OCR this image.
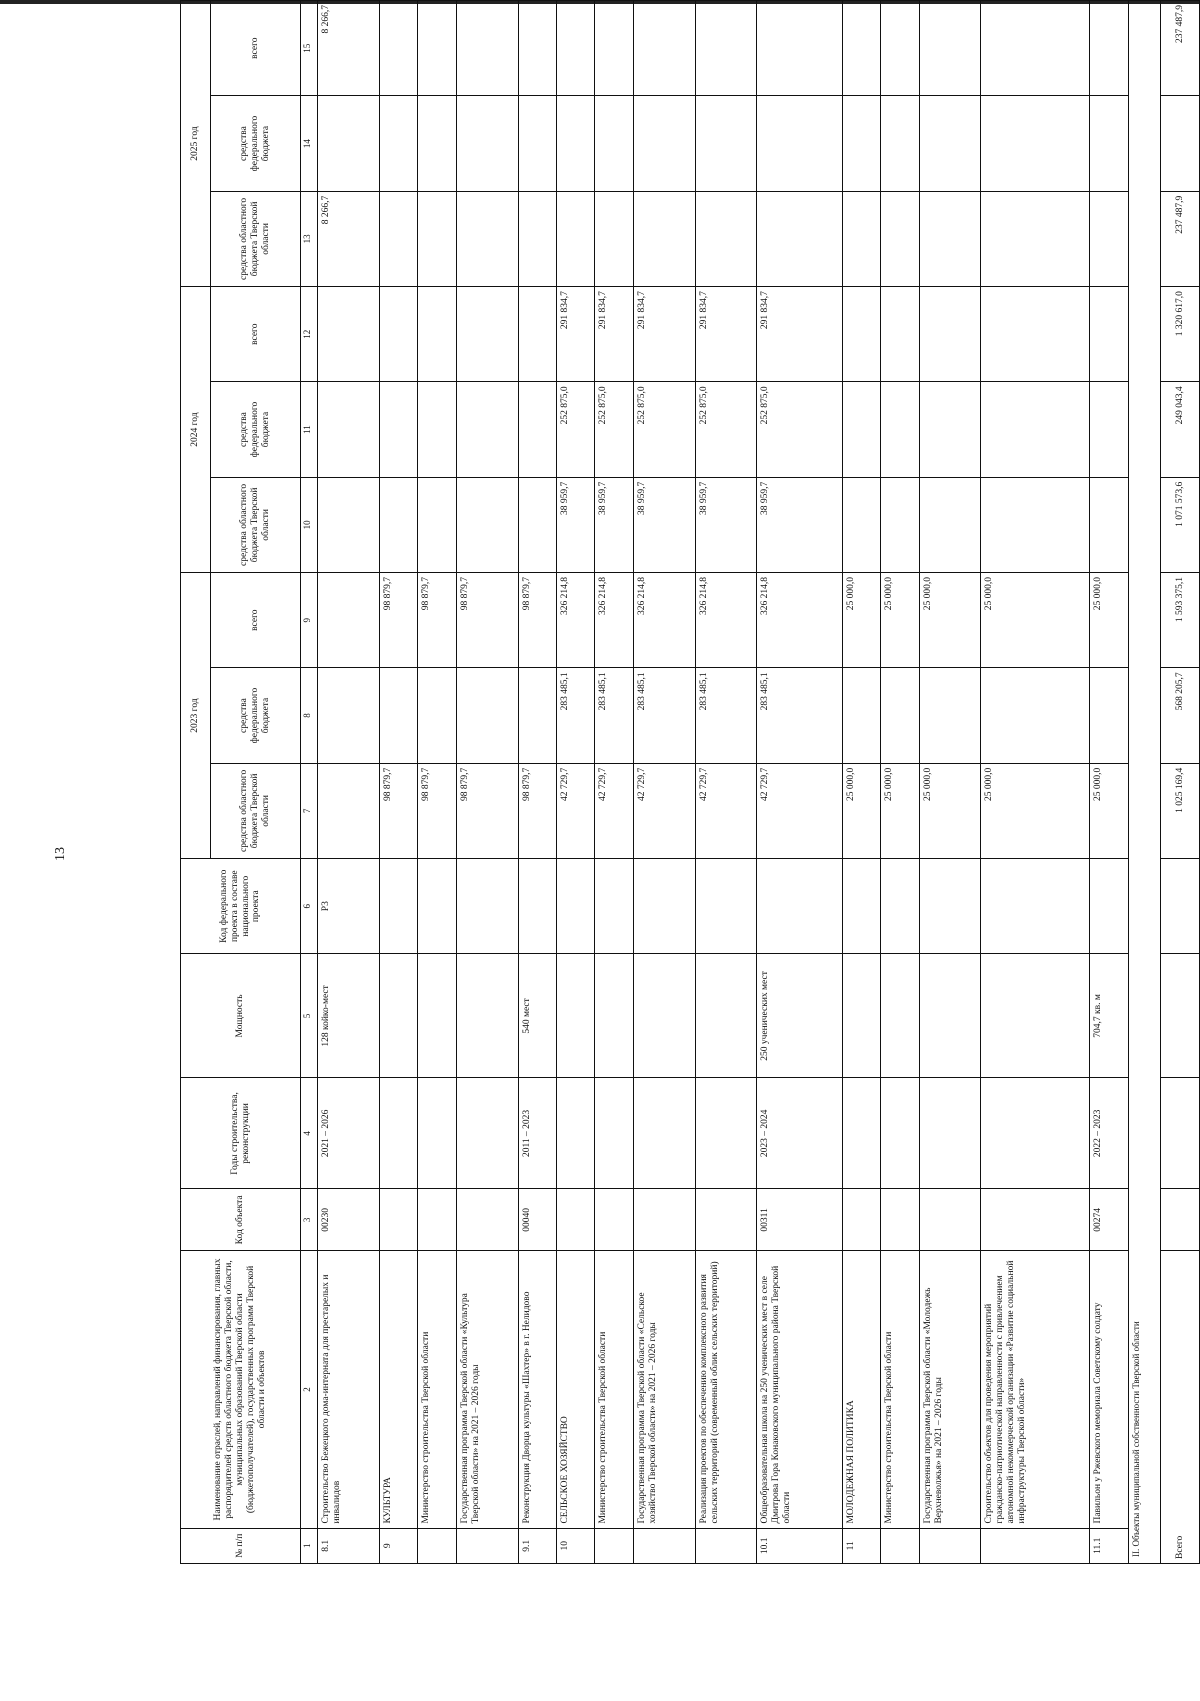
13
№ п/п	Наименование отраслей, направлений финансирования, главных распорядителей средств областного бюджета Тверской области, муниципальных образований Тверской области (бюджетополучателей), государственных программ Тверской области и объектов	Код объекта	Годы строительства, реконструкции	Мощность	Код федерального проекта в составе национального проекта	2023 год			2024 год			2025 год		
						средства областного бюджета Тверской области	средства федерального бюджета	всего	средства областного бюджета Тверской области	средства федерального бюджета	всего	средства областного бюджета Тверской области	средства федерального бюджета	всего
1	2	3	4	5	6	7	8	9	10	11	12	13	14	15
8.1	Строительство Бежецкого дома-интерната для престарелых и инвалидов	00230	2021 – 2026	128 койко-мест	Р3							8 266,7		8 266,7
9	КУЛЬТУРА					98 879,7		98 879,7						
	Министерство строительства Тверской области					98 879,7		98 879,7						
	Государственная программа Тверской области «Культура Тверской области» на 2021 – 2026 годы					98 879,7		98 879,7						
9.1	Реконструкция Дворца культуры «Шахтер» в г. Нелидово	00040	2011 – 2023	540 мест		98 879,7		98 879,7						
10	СЕЛЬСКОЕ ХОЗЯЙСТВО					42 729,7	283 485,1	326 214,8	38 959,7	252 875,0	291 834,7			
	Министерство строительства Тверской области					42 729,7	283 485,1	326 214,8	38 959,7	252 875,0	291 834,7			
	Государственная программа Тверской области «Сельское хозяйство Тверской области» на 2021 – 2026 годы					42 729,7	283 485,1	326 214,8	38 959,7	252 875,0	291 834,7			
	Реализация проектов по обеспечению комплексного развития сельских территорий (современный облик сельских территорий)					42 729,7	283 485,1	326 214,8	38 959,7	252 875,0	291 834,7			
10.1	Общеобразовательная школа на 250 ученических мест в селе Дмитрова Гора Конаковского муниципального района Тверской области	00311	2023 – 2024	250 ученических мест		42 729,7	283 485,1	326 214,8	38 959,7	252 875,0	291 834,7			
11	МОЛОДЕЖНАЯ ПОЛИТИКА					25 000,0		25 000,0						
	Министерство строительства Тверской области					25 000,0		25 000,0						
	Государственная программа Тверской области «Молодежь Верхневолжья» на 2021 – 2026 годы					25 000,0		25 000,0						
	Строительство объектов для проведения мероприятий гражданско-патриотической направленности с привлечением автономной некоммерческой организации «Развитие социальной инфраструктуры Тверской области»					25 000,0		25 000,0						
11.1	Павильон у Ржевского мемориала Советскому солдату	00274	2022 – 2023	704,7 кв. м		25 000,0		25 000,0						
II. Объекты муниципальной собственности Тверской области														
Всего						1 025 169,4	568 205,7	1 593 375,1	1 071 573,6	249 043,4	1 320 617,0	237 487,9		237 487,9
